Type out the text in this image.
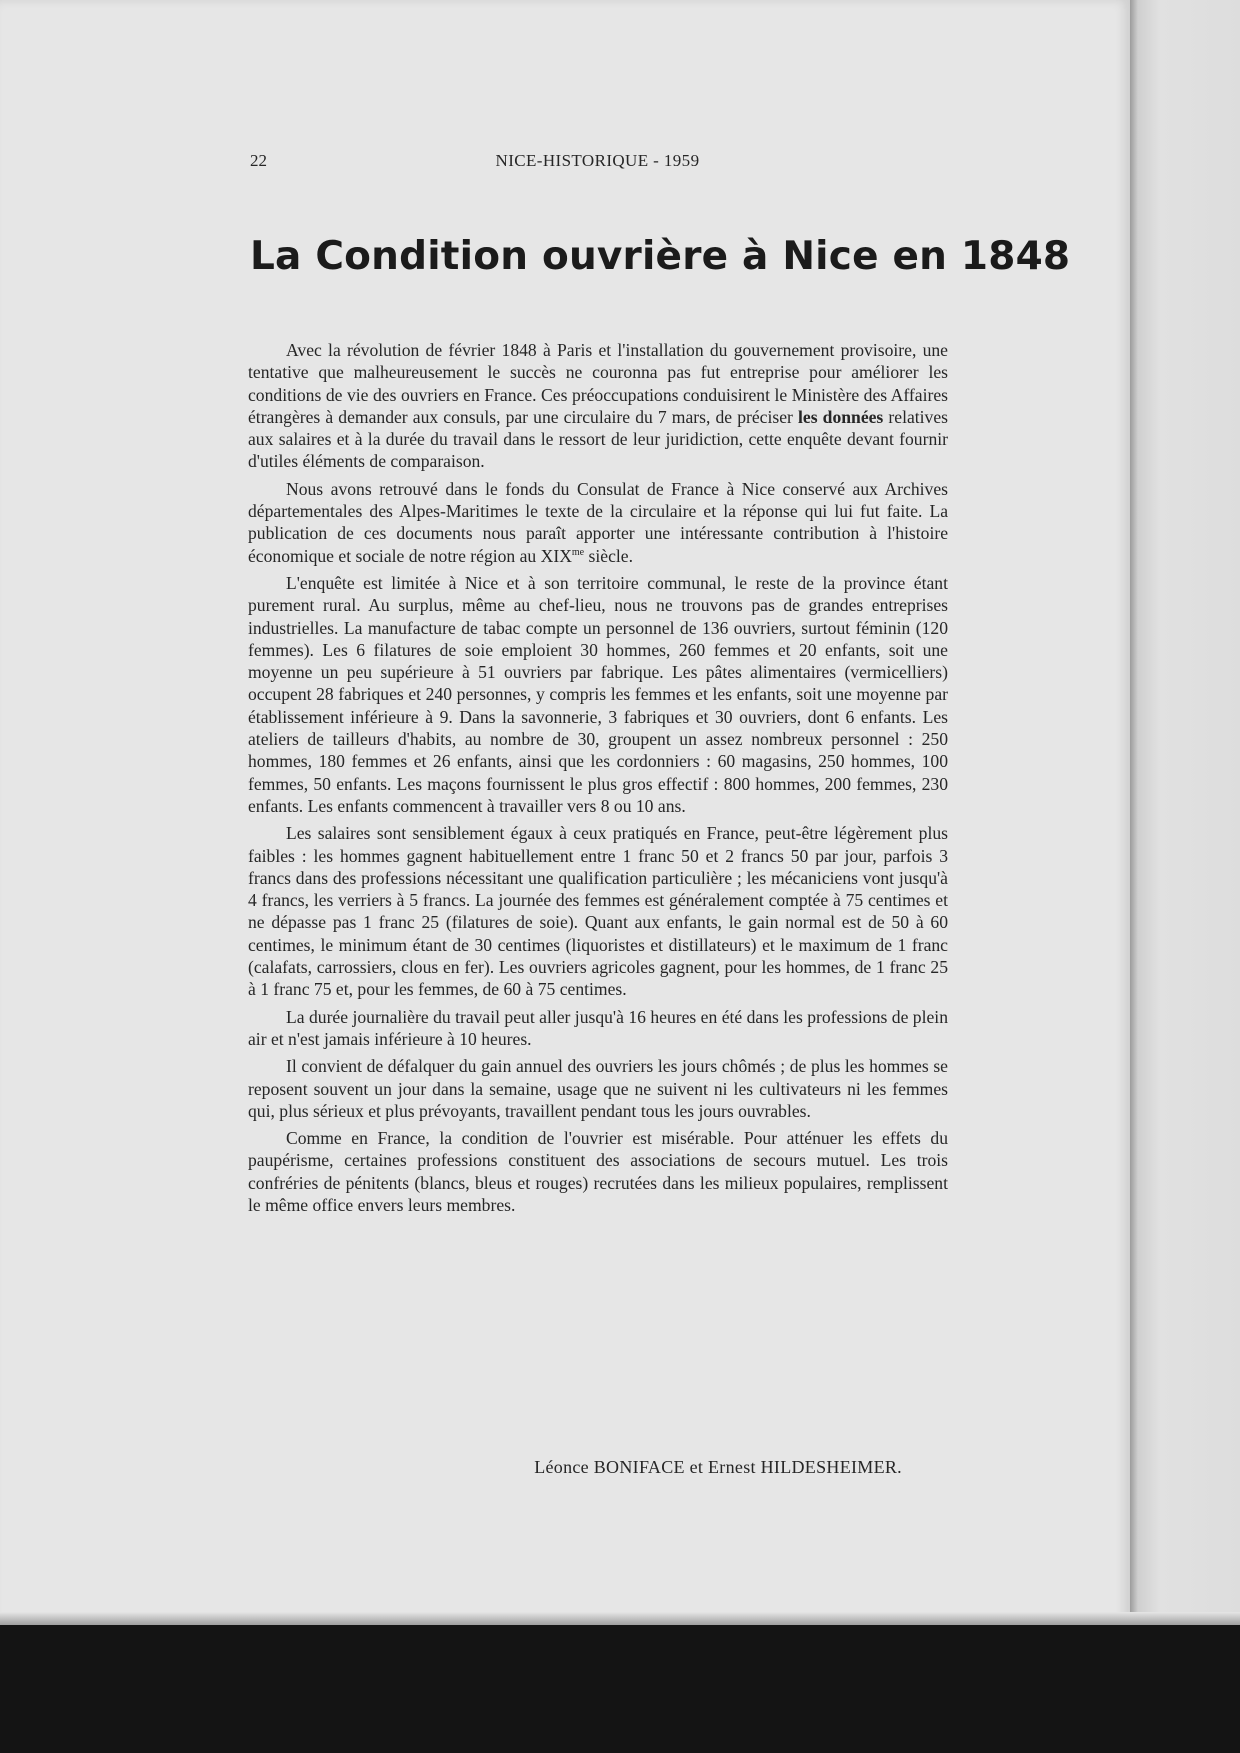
22	NICE-HISTORIQUE - 1959
La Condition ouvrière à Nice en 1848

Avec la révolution de février 1848 à Paris et l'installation du gouvernement provisoire, une tentative que malheureusement le succès ne couronna pas fut entreprise pour améliorer les conditions de vie des ouvriers en France. Ces préoccupations conduisirent le Ministère des Affaires étrangères à demander aux consuls, par une circulaire du 7 mars, de préciser les données relatives aux salaires et à la durée du travail dans le ressort de leur juridiction, cette enquête devant fournir d'utiles éléments de comparaison.

Nous avons retrouvé dans le fonds du Consulat de France à Nice conservé aux Archives départementales des Alpes-Maritimes le texte de la circulaire et la réponse qui lui fut faite. La publication de ces documents nous paraît apporter une intéressante contribution à l'histoire économique et sociale de notre région au $XIX^{me}$ siècle.

L'enquête est limitée à Nice et à son territoire communal, le reste de la province étant purement rural. Au surplus, même au chef-lieu, nous ne trouvons pas de grandes entreprises industrielles. La manufacture de tabac compte un personnel de 136 ouvriers, surtout féminin (120 femmes). Les 6 filatures de soie emploient 30 hommes, 260 femmes et 20 enfants, soit une moyenne un peu supérieure à 51 ouvriers par fabrique. Les pâtes alimentaires (vermicelliers) occupent 28 fabriques et 240 personnes, y compris les femmes et les enfants, soit une moyenne par établissement inférieure à 9. Dans la savonnerie, 3 fabriques et 30 ouvriers, dont 6 enfants. Les ateliers de tailleurs d'habits, au nombre de 30, groupent un assez nombreux personnel : 250 hommes, 180 femmes et 26 enfants, ainsi que les cordonniers : 60 magasins, 250 hommes, 100 femmes, 50 enfants. Les maçons fournissent le plus gros effectif : 800 hommes, 200 femmes, 230 enfants. Les enfants commencent à travailler vers 8 ou 10 ans.

Les salaires sont sensiblement égaux à ceux pratiqués en France, peut-être légèrement plus faibles : les hommes gagnent habituellement entre 1 franc 50 et 2 francs 50 par jour, parfois 3 francs dans des professions nécessitant une qualification particulière ; les mécaniciens vont jusqu'à 4 francs, les verriers à 5 francs. La journée des femmes est généralement comptée à 75 centimes et ne dépasse pas 1 franc 25 (filatures de soie). Quant aux enfants, le gain normal est de 50 à 60 centimes, le minimum étant de 30 centimes (liquoristes et distillateurs) et le maximum de 1 franc (calafats, carrossiers, clous en fer). Les ouvriers agricoles gagnent, pour les hommes, de 1 franc 25 à 1 franc 75 et, pour les femmes, de 60 à 75 centimes.

La durée journalière du travail peut aller jusqu'à 16 heures en été dans les professions de plein air et n'est jamais inférieure à 10 heures.

Il convient de défalquer du gain annuel des ouvriers les jours chômés ; de plus les hommes se reposent souvent un jour dans la semaine, usage que ne suivent ni les cultivateurs ni les femmes qui, plus sérieux et plus prévoyants, travaillent pendant tous les jours ouvrables.

Comme en France, la condition de l'ouvrier est misérable. Pour atténuer les effets du paupérisme, certaines professions constituent des associations de secours mutuel. Les trois confréries de pénitents (blancs, bleus et rouges) recrutées dans les milieux populaires, remplissent le même office envers leurs membres.

Léonce BONIFACE et Ernest HILDESHEIMER.
